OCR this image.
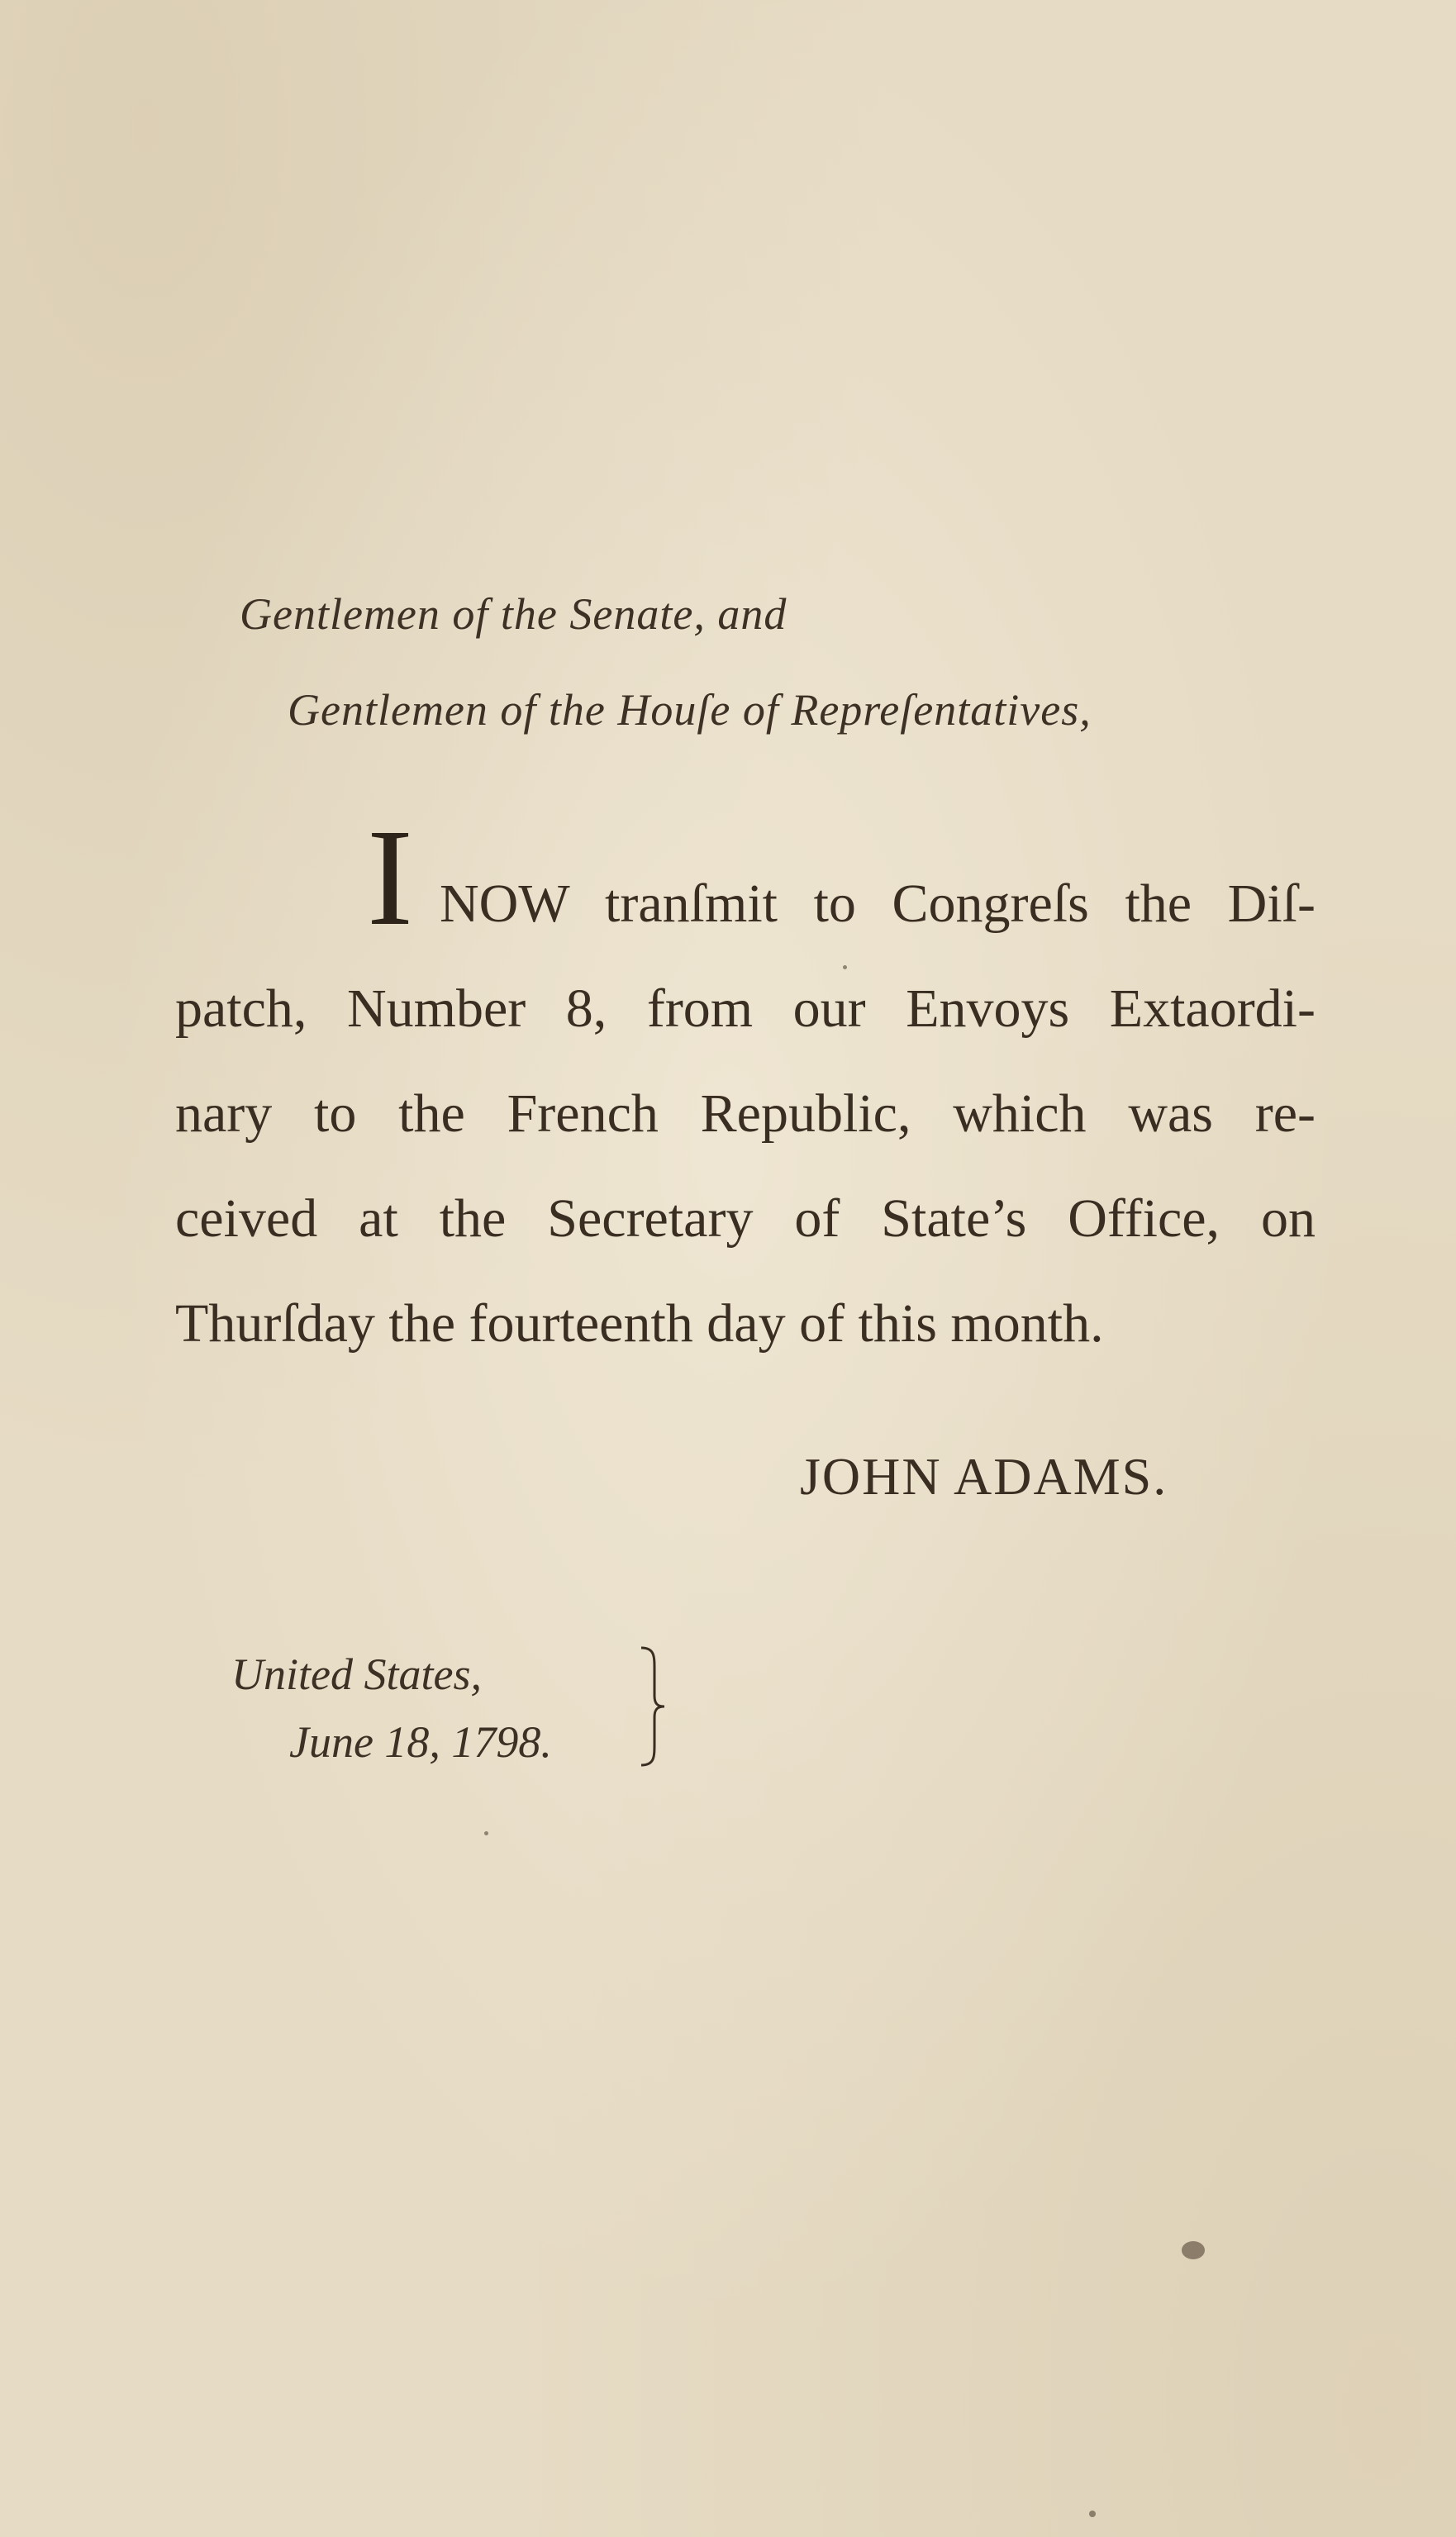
Gentlemen of the Senate, and
Gentlemen of the Houſe of Repreſentatives,
I NOW tranſmit to Congreſs the Diſ-
patch, Number 8, from our Envoys Extaordi-
nary to the French Republic, which was re-
ceived at the Secretary of State’s Office, on
Thurſday the fourteenth day of this month.
JOHN ADAMS.
United States,
June 18, 1798.
